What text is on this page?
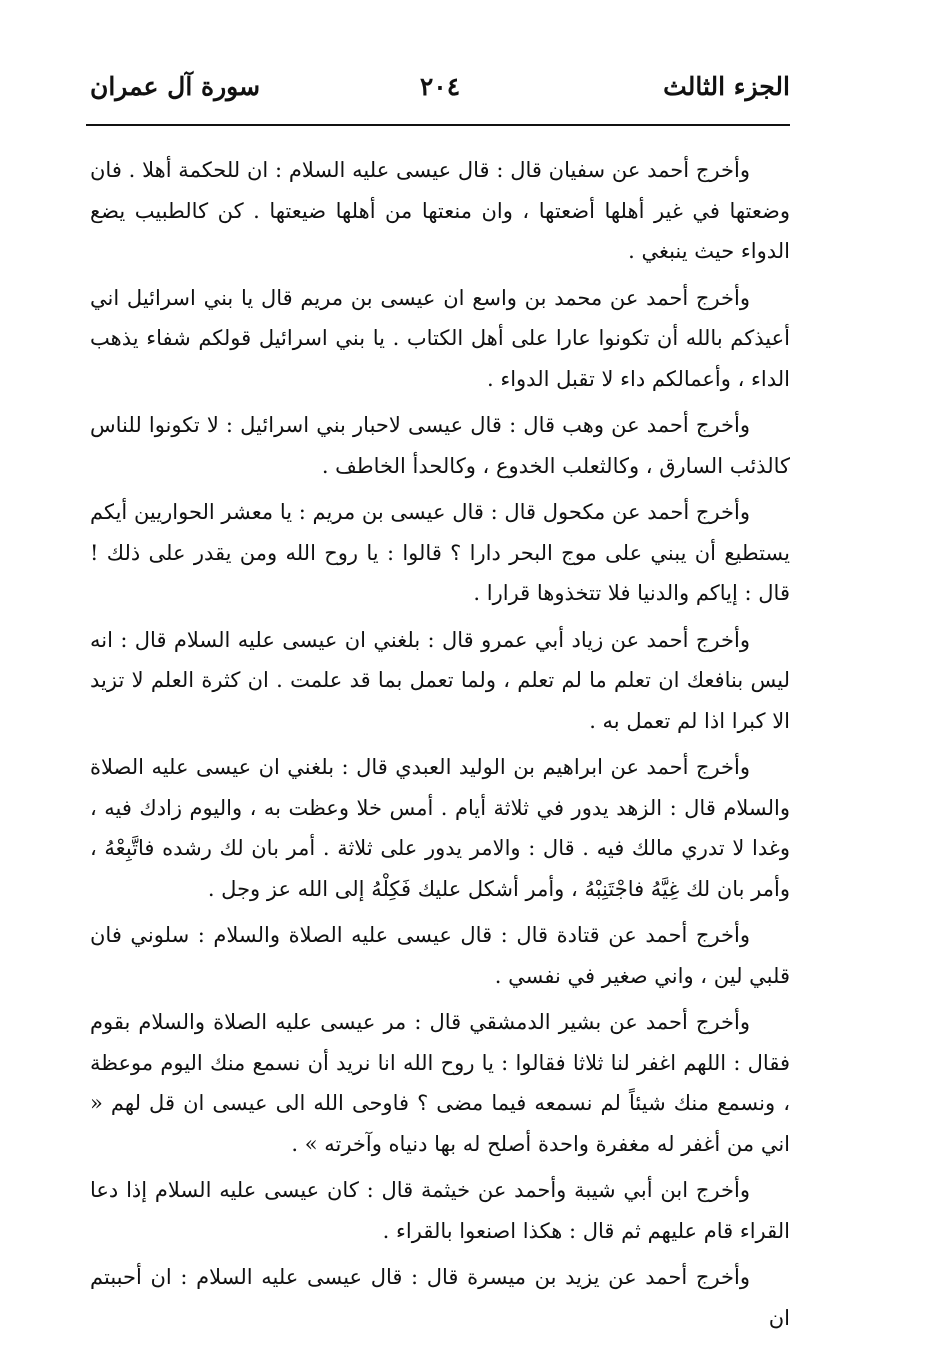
الجزء الثالث
٢٠٤
سورة آل عمران

وأخرج أحمد عن سفيان قال : قال عيسى عليه السلام : ان للحكمة أهلا . فان وضعتها في غير أهلها أضعتها ، وان منعتها من أهلها ضيعتها . كن كالطبيب يضع الدواء حيث ينبغي .

وأخرج أحمد عن محمد بن واسع ان عيسى بن مريم قال يا بني اسرائيل اني أعيذكم بالله أن تكونوا عارا على أهل الكتاب . يا بني اسرائيل قولكم شفاء يذهب الداء ، وأعمالكم داء لا تقبل الدواء .

وأخرج أحمد عن وهب قال : قال عيسى لاحبار بني اسرائيل : لا تكونوا للناس كالذئب السارق ، وكالثعلب الخدوع ، وكالحدأ الخاطف .

وأخرج أحمد عن مكحول قال : قال عيسى بن مريم : يا معشر الحواريين أيكم يستطيع أن يبني على موج البحر دارا ؟ قالوا : يا روح الله ومن يقدر على ذلك ! قال : إياكم والدنيا فلا تتخذوها قرارا .

وأخرج أحمد عن زياد أبي عمرو قال : بلغني ان عيسى عليه السلام قال : انه ليس بنافعك ان تعلم ما لم تعلم ، ولما تعمل بما قد علمت . ان كثرة العلم لا تزيد الا كبرا اذا لم تعمل به .

وأخرج أحمد عن ابراهيم بن الوليد العبدي قال : بلغني ان عيسى عليه الصلاة والسلام قال : الزهد يدور في ثلاثة أيام . أمس خلا وعظت به ، واليوم زادك فيه ، وغدا لا تدري مالك فيه . قال : والامر يدور على ثلاثة . أمر بان لك رشده فاتَّبِعْهُ ، وأمر بان لك غِيَّهُ فاجْتَنِبْهُ ، وأمر أشكل عليك فَكِلْهُ إلى الله عز وجل .

وأخرج أحمد عن قتادة قال : قال عيسى عليه الصلاة والسلام : سلوني فان قلبي لين ، واني صغير في نفسي .

وأخرج أحمد عن بشير الدمشقي قال : مر عيسى عليه الصلاة والسلام بقوم فقال : اللهم اغفر لنا ثلاثا فقالوا : يا روح الله انا نريد أن نسمع منك اليوم موعظة ، ونسمع منك شيئاً لم نسمعه فيما مضى ؟ فاوحى الله الى عيسى ان قل لهم « اني من أغفر له مغفرة واحدة أصلح له بها دنياه وآخرته » .

وأخرج ابن أبي شيبة وأحمد عن خيثمة قال : كان عيسى عليه السلام إذا دعا القراء قام عليهم ثم قال : هكذا اصنعوا بالقراء .

وأخرج أحمد عن يزيد بن ميسرة قال : قال عيسى عليه السلام : ان أحببتم ان
